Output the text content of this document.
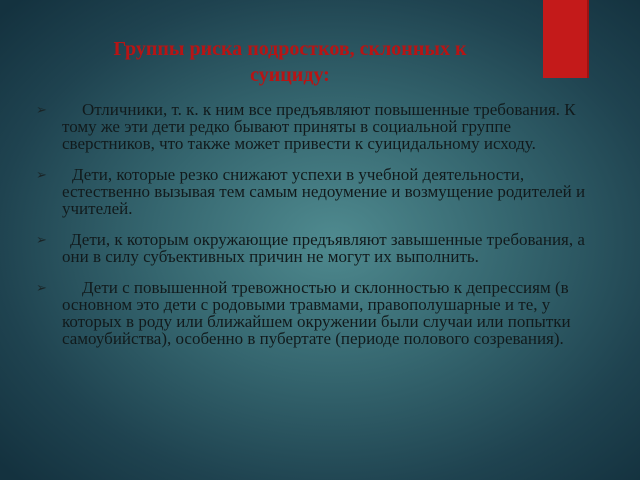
Группы риска подростков, склонных к
суициду:
➢	Отличники, т. к. к ним все предъявляют повышенные требования. К тому же эти дети редко бывают приняты в социальной группе сверстников, что также может привести к суицидальному исходу.
➢	Дети, которые резко снижают успехи в учебной деятельности, естественно вызывая тем самым недоумение и возмущение родителей и учителей.
➢	Дети, к которым окружающие предъявляют завышенные требования, а они в силу субъективных причин не могут их выполнить.
➢	Дети с повышенной тревожностью и склонностью к депрессиям (в основном это дети с родовыми травмами, правополушарные и те, у которых в роду или ближайшем окружении были случаи или попытки самоубийства), особенно в пубертате (периоде полового созревания).
